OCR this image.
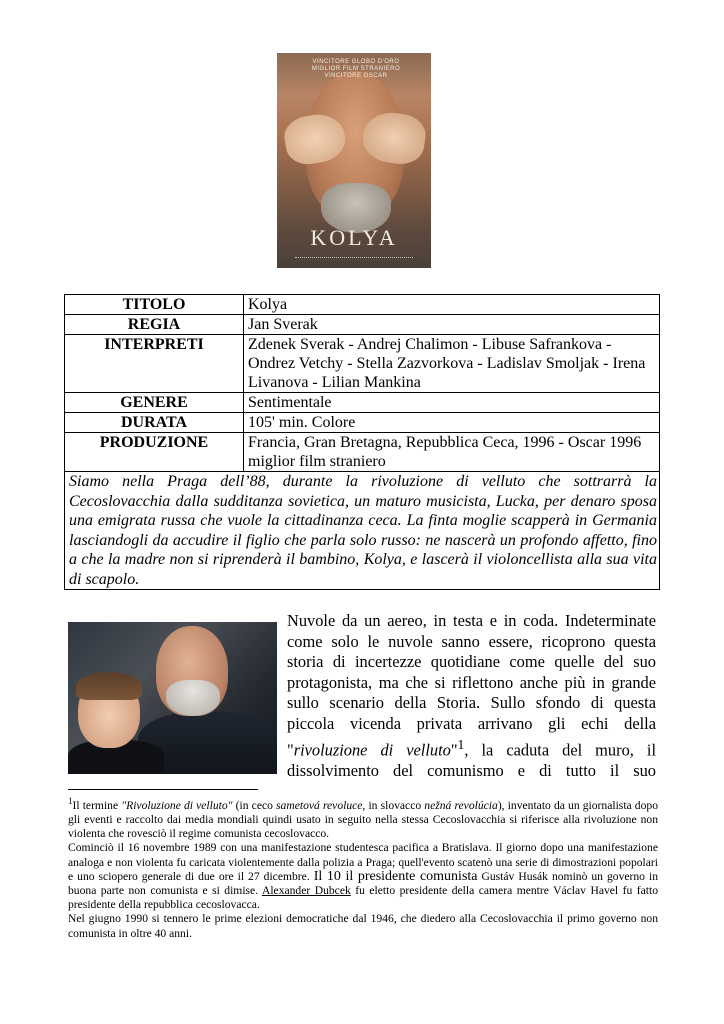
VINCITORE GLOBO D'ORO
MIGLIOR FILM STRANIERO
VINCITORE OSCAR
KOLYA
TITOLO	Kolya
REGIA	Jan Sverak
INTERPRETI	Zdenek Sverak - Andrej Chalimon - Libuse Safrankova - Ondrez Vetchy - Stella Zazvorkova - Ladislav Smoljak - Irena Livanova - Lilian Mankina
GENERE	Sentimentale
DURATA	105' min. Colore
PRODUZIONE	Francia, Gran Bretagna, Repubblica Ceca, 1996 - Oscar 1996 miglior film straniero
Siamo nella Praga dell’88, durante la rivoluzione di velluto che sottrarrà la Cecoslovacchia dalla sudditanza sovietica, un maturo musicista, Lucka, per denaro sposa una emigrata russa che vuole la cittadinanza ceca. La finta moglie scapperà in Germania lasciandogli da accudire il figlio che parla solo russo: ne nascerà un profondo affetto, fino a che la madre non si riprenderà il bambino, Kolya, e lascerà il violoncellista alla sua vita di scapolo.	
Nuvole da un aereo, in testa e in coda. Indeterminate come solo le nuvole sanno essere, ricoprono questa storia di incertezze quotidiane come quelle del suo protagonista, ma che si riflettono anche più in grande sullo scenario della Storia. Sullo sfondo di questa piccola vicenda privata arrivano gli echi della "rivoluzione di velluto"$^1$, la caduta del muro, il dissolvimento del comunismo e di tutto il suo

$^1$Il termine "Rivoluzione di velluto" (in ceco sametová revoluce, in slovacco nežná revolúcia), inventato da un giornalista dopo gli eventi e raccolto dai media mondiali quindi usato in seguito nella stessa Cecoslovacchia si riferisce alla rivoluzione non violenta che rovesciò il regime comunista cecoslovacco.

Cominciò il 16 novembre 1989 con una manifestazione studentesca pacifica a Bratislava. Il giorno dopo una manifestazione analoga e non violenta fu caricata violentemente dalla polizia a Praga; quell'evento scatenò una serie di dimostrazioni popolari e uno sciopero generale di due ore il 27 dicembre. Il 10 il presidente comunista Gustáv Husák nominò un governo in buona parte non comunista e si dimise. Alexander Dubcek fu eletto presidente della camera mentre Václav Havel fu fatto presidente della repubblica cecoslovacca.

Nel giugno 1990 si tennero le prime elezioni democratiche dal 1946, che diedero alla Cecoslovacchia il primo governo non comunista in oltre 40 anni.
